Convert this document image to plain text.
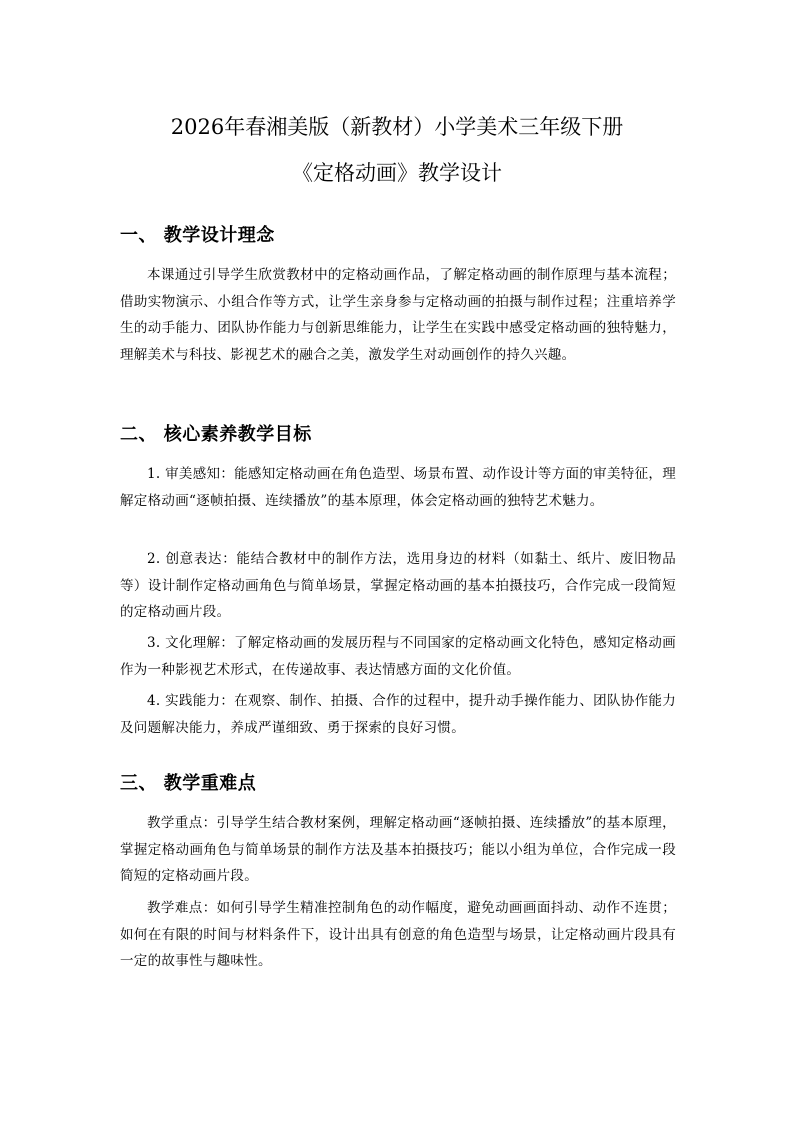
2026年春湘美版（新教材）小学美术三年级下册
《定格动画》教学设计
一、 教学设计理念

本课通过引导学生欣赏教材中的定格动画作品，了解定格动画的制作原理与基本流程；借助实物演示、小组合作等方式，让学生亲身参与定格动画的拍摄与制作过程；注重培养学生的动手能力、团队协作能力与创新思维能力，让学生在实践中感受定格动画的独特魅力，理解美术与科技、影视艺术的融合之美，激发学生对动画创作的持久兴趣。

二、 核心素养教学目标

1. 审美感知：能感知定格动画在角色造型、场景布置、动作设计等方面的审美特征，理解定格动画“逐帧拍摄、连续播放”的基本原理，体会定格动画的独特艺术魅力。

2. 创意表达：能结合教材中的制作方法，选用身边的材料（如黏土、纸片、废旧物品等）设计制作定格动画角色与简单场景，掌握定格动画的基本拍摄技巧，合作完成一段简短的定格动画片段。

3. 文化理解：了解定格动画的发展历程与不同国家的定格动画文化特色，感知定格动画作为一种影视艺术形式，在传递故事、表达情感方面的文化价值。

4. 实践能力：在观察、制作、拍摄、合作的过程中，提升动手操作能力、团队协作能力及问题解决能力，养成严谨细致、勇于探索的良好习惯。

三、 教学重难点

教学重点：引导学生结合教材案例，理解定格动画“逐帧拍摄、连续播放”的基本原理，掌握定格动画角色与简单场景的制作方法及基本拍摄技巧；能以小组为单位，合作完成一段简短的定格动画片段。

教学难点：如何引导学生精准控制角色的动作幅度，避免动画画面抖动、动作不连贯；如何在有限的时间与材料条件下，设计出具有创意的角色造型与场景，让定格动画片段具有一定的故事性与趣味性。
